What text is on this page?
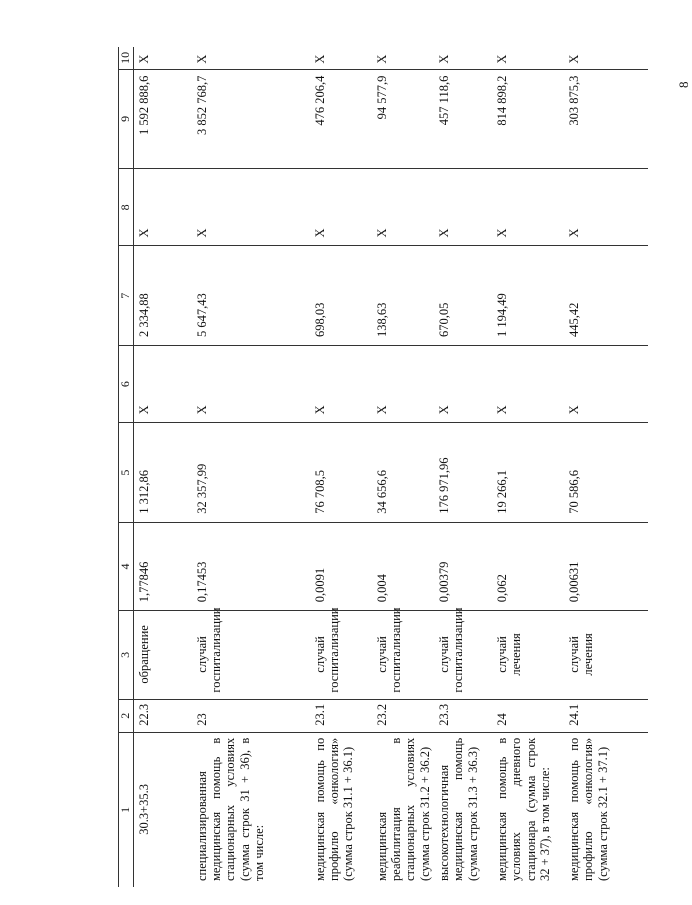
8
1	2	3	4	5	6	7	8	9	10
30.3+35.3	22.3	обращение	1,77846	1 312,86	X	2 334,88	X	1 592 888,6	X
специализированная медицинская помощь в стационарных условиях (сумма строк 31 + 36), в том числе:	23	случай госпитализации	0,17453	32 357,99	X	5 647,43	X	3 852 768,7	X
медицинская помощь по профилю «онкология» (сумма строк 31.1 + 36.1)	23.1	случай госпитализации	0,0091	76 708,5	X	698,03	X	476 206,4	X
медицинская реабилитация в стационарных условиях (сумма строк 31.2 + 36.2)	23.2	случай госпитализации	0,004	34 656,6	X	138,63	X	94 577,9	X
высокотехнологичная медицинская помощь (сумма строк 31.3 + 36.3)	23.3	случай госпитализации	0,00379	176 971,96	X	670,05	X	457 118,6	X
медицинская помощь в условиях дневного стационара (сумма строк 32 + 37), в том числе:	24	случай лечения	0,062	19 266,1	X	1 194,49	X	814 898,2	X
медицинская помощь по профилю «онкология» (сумма строк 32.1 + 37.1)	24.1	случай лечения	0,00631	70 586,6	X	445,42	X	303 875,3	X
